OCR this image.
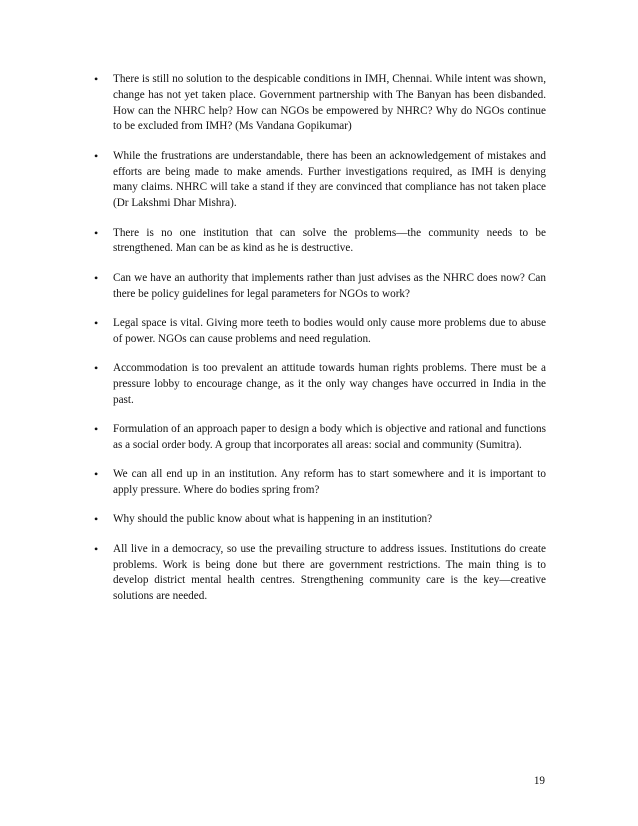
•	There is still no solution to the despicable conditions in IMH, Chennai. While intent was shown, change has not yet taken place. Government partnership with The Banyan has been disbanded. How can the NHRC help? How can NGOs be empowered by NHRC? Why do NGOs continue to be excluded from IMH? (Ms Vandana Gopikumar)
•	While the frustrations are understandable, there has been an acknowledgement of mistakes and efforts are being made to make amends. Further investigations required, as IMH is denying many claims. NHRC will take a stand if they are convinced that compliance has not taken place (Dr Lakshmi Dhar Mishra).
•	There is no one institution that can solve the problems—the community needs to be strengthened. Man can be as kind as he is destructive.
•	Can we have an authority that implements rather than just advises as the NHRC does now? Can there be policy guidelines for legal parameters for NGOs to work?
•	Legal space is vital. Giving more teeth to bodies would only cause more problems due to abuse of power. NGOs can cause problems and need regulation.
•	Accommodation is too prevalent an attitude towards human rights problems. There must be a pressure lobby to encourage change, as it the only way changes have occurred in India in the past.
•	Formulation of an approach paper to design a body which is objective and rational and functions as a social order body. A group that incorporates all areas: social and community (Sumitra).
•	We can all end up in an institution. Any reform has to start somewhere and it is important to apply pressure. Where do bodies spring from?
•	Why should the public know about what is happening in an institution?
•	All live in a democracy, so use the prevailing structure to address issues. Institutions do create problems. Work is being done but there are government restrictions. The main thing is to develop district mental health centres. Strengthening community care is the key—creative solutions are needed.
19
